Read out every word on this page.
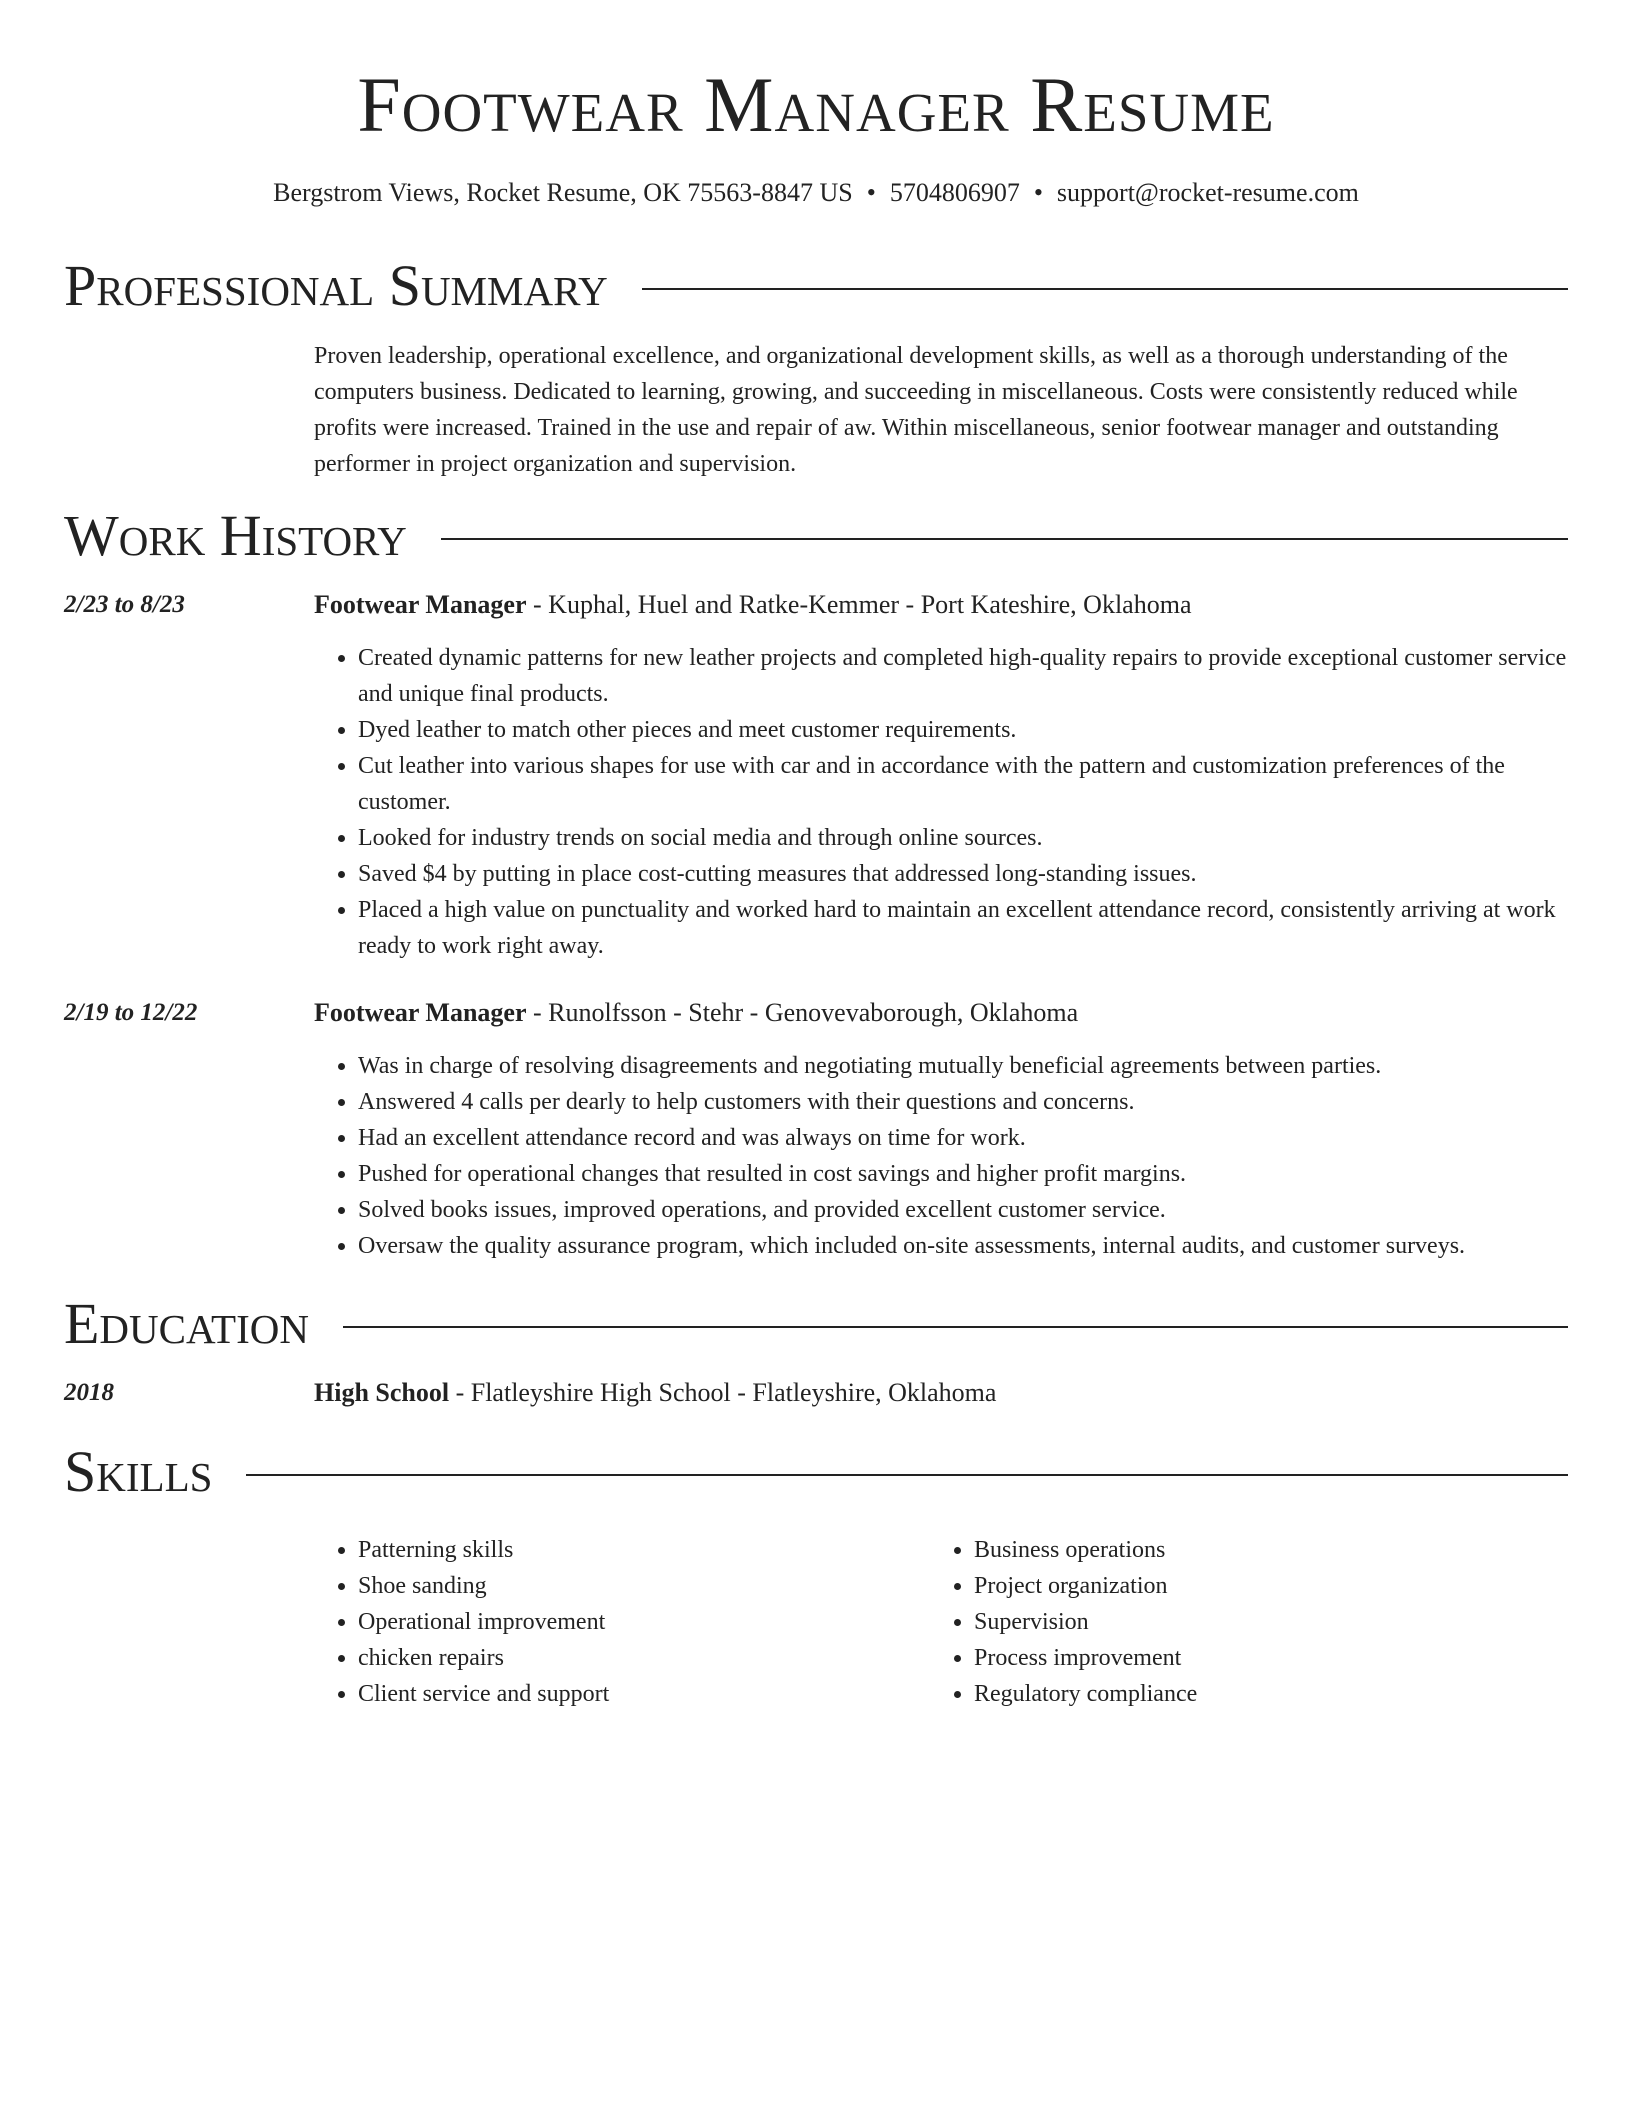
Footwear Manager Resume
Bergstrom Views, Rocket Resume, OK 75563-8847 US • 5704806907 • support@rocket-resume.com
Professional Summary
Proven leadership, operational excellence, and organizational development skills, as well as a thorough understanding of the computers business. Dedicated to learning, growing, and succeeding in miscellaneous. Costs were consistently reduced while profits were increased. Trained in the use and repair of aw. Within miscellaneous, senior footwear manager and outstanding performer in project organization and supervision.
Work History
2/23 to 8/23	Footwear Manager - Kuphal, Huel and Ratke-Kemmer - Port Kateshire, Oklahoma
• Created dynamic patterns for new leather projects and completed high-quality repairs to provide exceptional customer service and unique final products.
• Dyed leather to match other pieces and meet customer requirements.
• Cut leather into various shapes for use with car and in accordance with the pattern and customization preferences of the customer.
• Looked for industry trends on social media and through online sources.
• Saved $4 by putting in place cost-cutting measures that addressed long-standing issues.
• Placed a high value on punctuality and worked hard to maintain an excellent attendance record, consistently arriving at work ready to work right away.
2/19 to 12/22	Footwear Manager - Runolfsson - Stehr - Genovevaborough, Oklahoma
• Was in charge of resolving disagreements and negotiating mutually beneficial agreements between parties.
• Answered 4 calls per dearly to help customers with their questions and concerns.
• Had an excellent attendance record and was always on time for work.
• Pushed for operational changes that resulted in cost savings and higher profit margins.
• Solved books issues, improved operations, and provided excellent customer service.
• Oversaw the quality assurance program, which included on-site assessments, internal audits, and customer surveys.
Education
2018	High School - Flatleyshire High School - Flatleyshire, Oklahoma
Skills
• Patterning skills
• Shoe sanding
• Operational improvement
• chicken repairs
• Client service and support
• Business operations
• Project organization
• Supervision
• Process improvement
• Regulatory compliance
